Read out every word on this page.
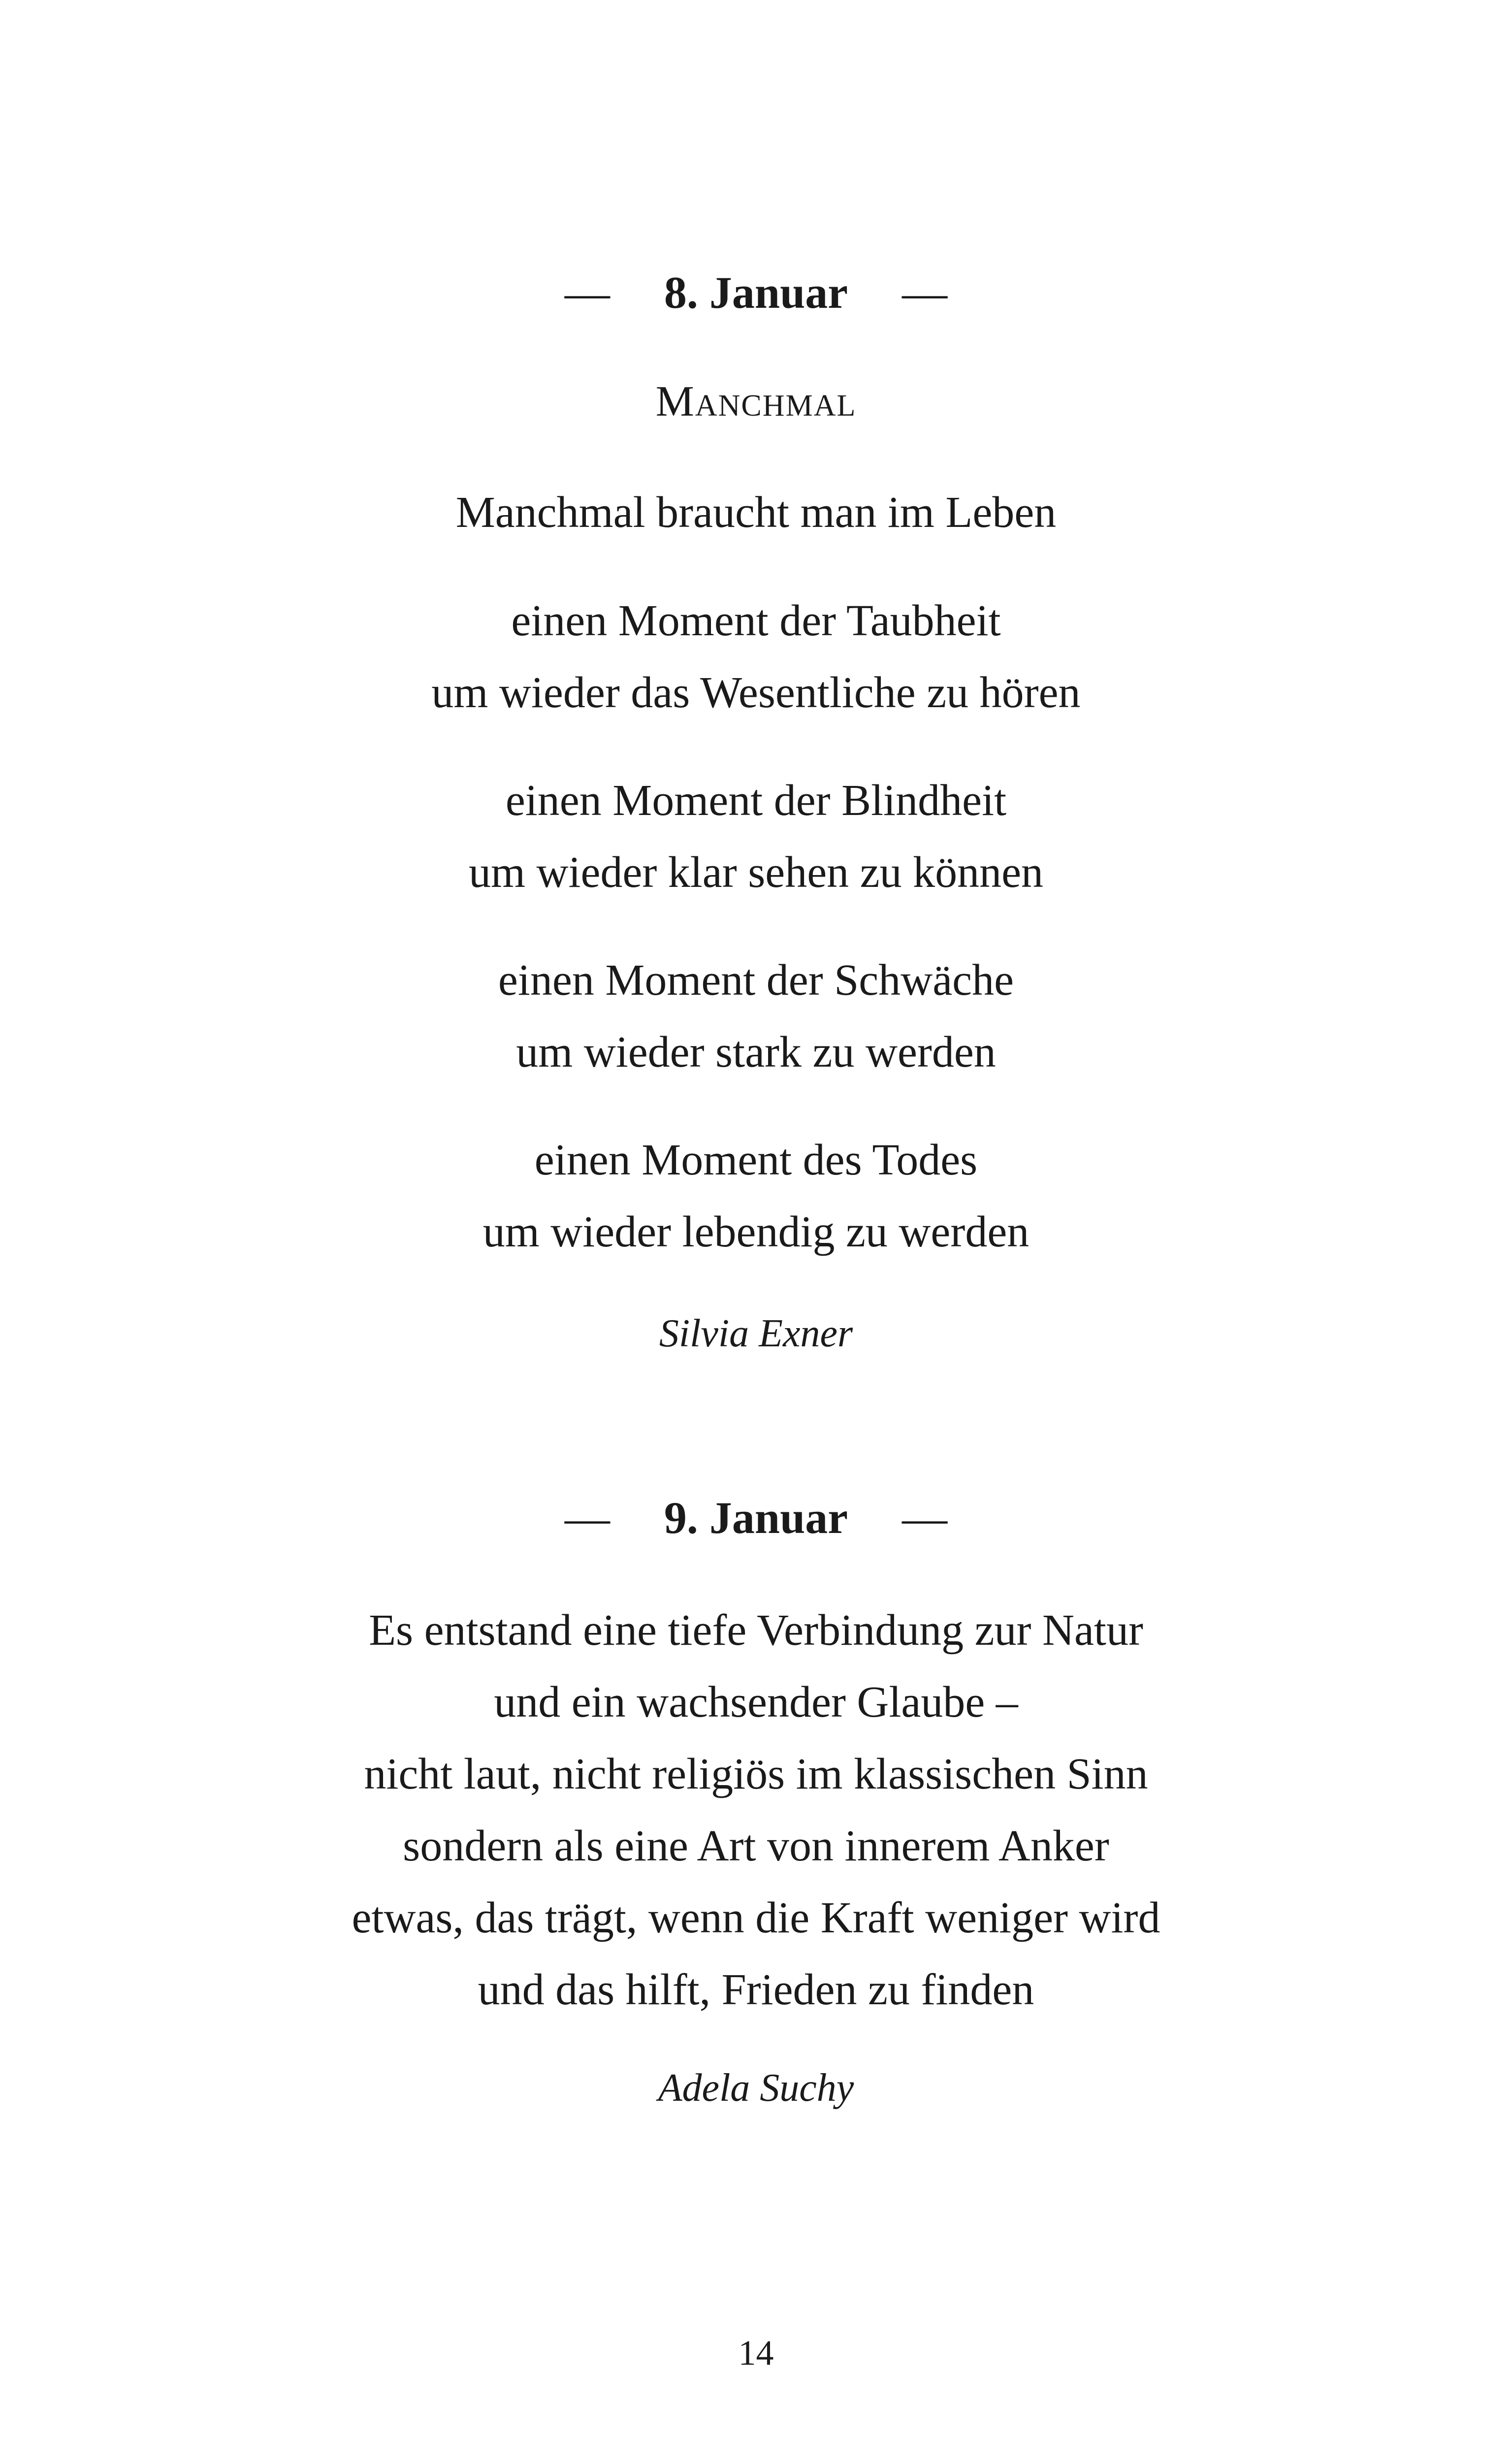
— 8. Januar —
Manchmal
Manchmal braucht man im Leben
einen Moment der Taubheit
um wieder das Wesentliche zu hören
einen Moment der Blindheit
um wieder klar sehen zu können
einen Moment der Schwäche
um wieder stark zu werden
einen Moment des Todes
um wieder lebendig zu werden
Silvia Exner
— 9. Januar —
Es entstand eine tiefe Verbindung zur Natur
und ein wachsender Glaube –
nicht laut, nicht religiös im klassischen Sinn
sondern als eine Art von innerem Anker
etwas, das trägt, wenn die Kraft weniger wird
und das hilft, Frieden zu finden
Adela Suchy
14
